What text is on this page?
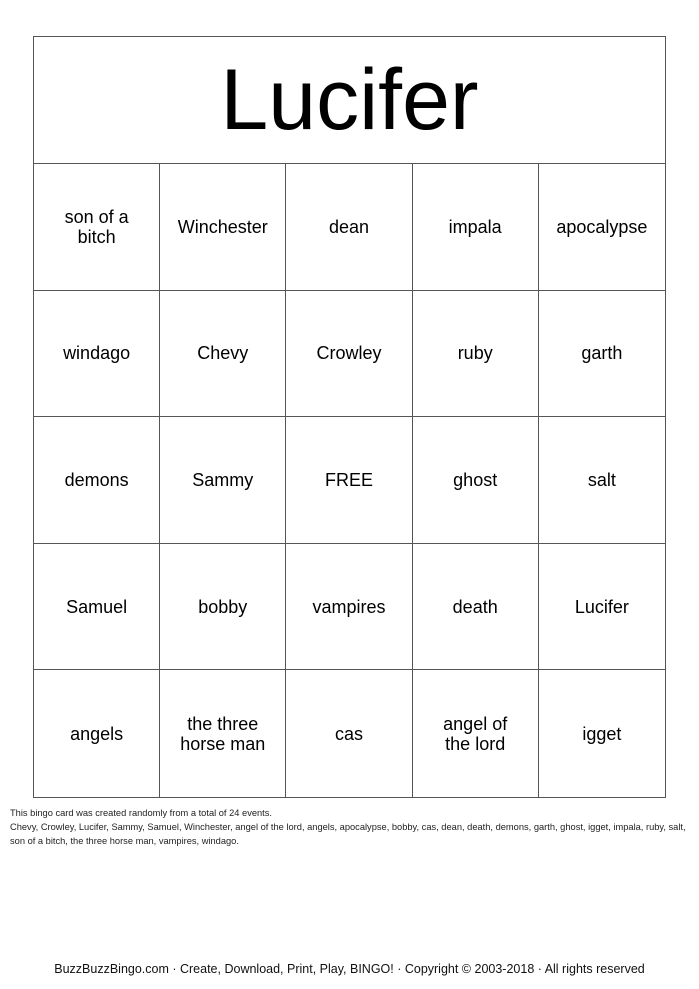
Lucifer
son of a bitch	Winchester	dean	impala	apocalypse
windago	Chevy	Crowley	ruby	garth
demons	Sammy	FREE	ghost	salt
Samuel	bobby	vampires	death	Lucifer
angels	the three horse man	cas	angel of the lord	igget
This bingo card was created randomly from a total of 24 events.
Chevy, Crowley, Lucifer, Sammy, Samuel, Winchester, angel of the lord, angels, apocalypse, bobby, cas, dean, death, demons, garth, ghost, igget, impala, ruby, salt, son of a bitch, the three horse man, vampires, windago.
BuzzBuzzBingo.com · Create, Download, Print, Play, BINGO! · Copyright © 2003-2018 · All rights reserved
